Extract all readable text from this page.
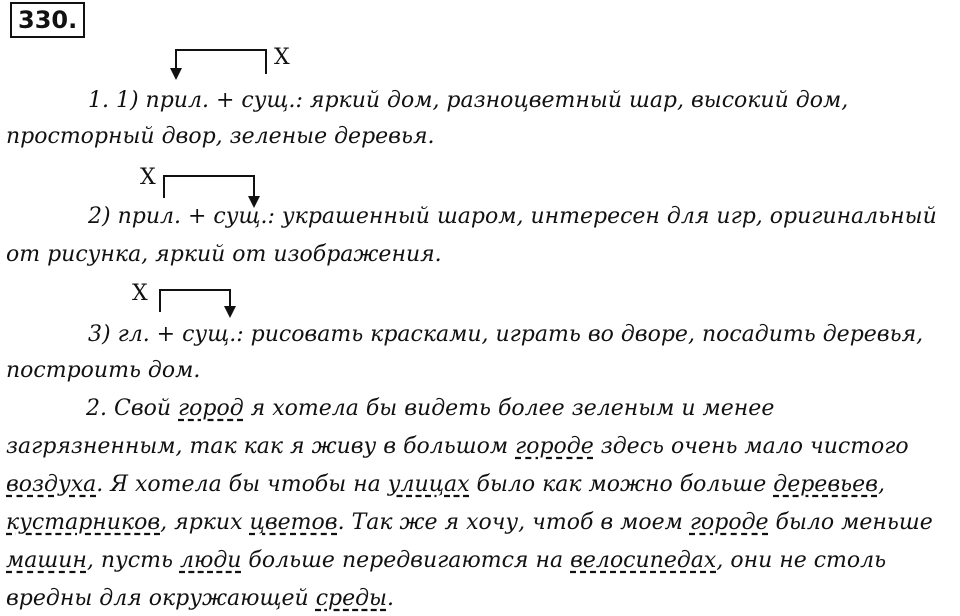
330.
X
1. 1) прил. + сущ.: яркий дом, разноцветный шар, высокий дом,
просторный двор, зеленые деревья.
X
2) прил. + сущ.: украшенный шаром, интересен для игр, оригинальный
от рисунка, яркий от изображения.
X
3) гл. + сущ.: рисовать красками, играть во дворе, посадить деревья,
построить дом.
2. Свой город я хотела бы видеть более зеленым и менее
загрязненным, так как я живу в большом городе здесь очень мало чистого
воздуха. Я хотела бы чтобы на улицах было как можно больше деревьев,
кустарников, ярких цветов. Так же я хочу, чтоб в моем городе было меньше
машин, пусть люди больше передвигаются на велосипедах, они не столь
вредны для окружающей среды.
